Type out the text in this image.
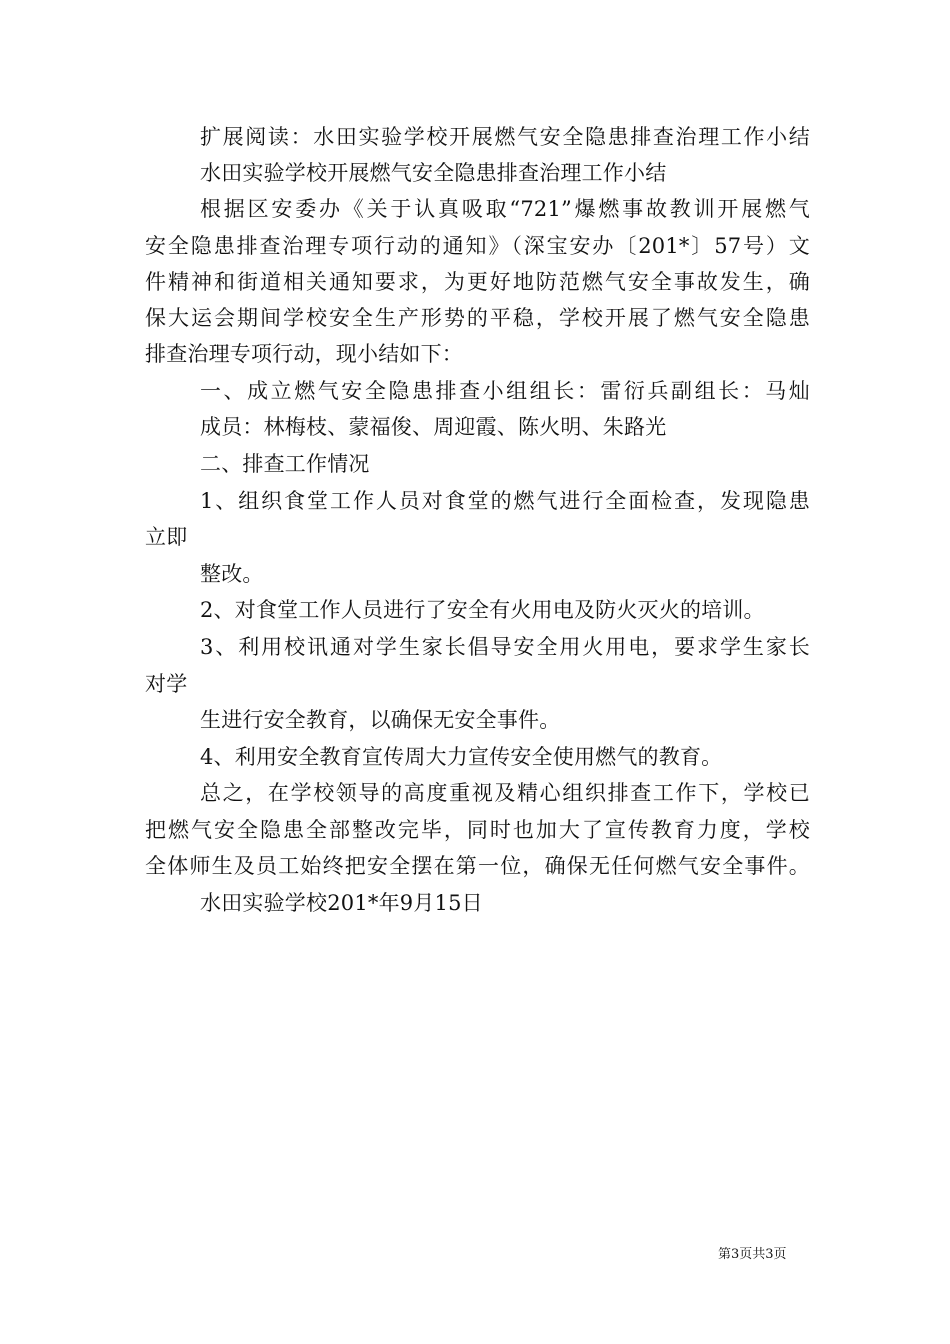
扩展阅读：水田实验学校开展燃气安全隐患排查治理工作小结
水田实验学校开展燃气安全隐患排查治理工作小结
根据区安委办《关于认真吸取“721”爆燃事故教训开展燃气
安全隐患排查治理专项行动的通知》（深宝安办〔201*〕57号）文
件精神和街道相关通知要求，为更好地防范燃气安全事故发生，确
保大运会期间学校安全生产形势的平稳，学校开展了燃气安全隐患
排查治理专项行动，现小结如下：
一、成立燃气安全隐患排查小组组长：雷衍兵副组长：马灿
成员：林梅枝、蒙福俊、周迎霞、陈火明、朱路光
二、排查工作情况
1、组织食堂工作人员对食堂的燃气进行全面检查，发现隐患
立即
整改。
2、对食堂工作人员进行了安全有火用电及防火灭火的培训。
3、利用校讯通对学生家长倡导安全用火用电，要求学生家长
对学
生进行安全教育，以确保无安全事件。
4、利用安全教育宣传周大力宣传安全使用燃气的教育。
总之，在学校领导的高度重视及精心组织排查工作下，学校已
把燃气安全隐患全部整改完毕，同时也加大了宣传教育力度，学校
全体师生及员工始终把安全摆在第一位，确保无任何燃气安全事件。
水田实验学校201*年9月15日
第3页共3页
